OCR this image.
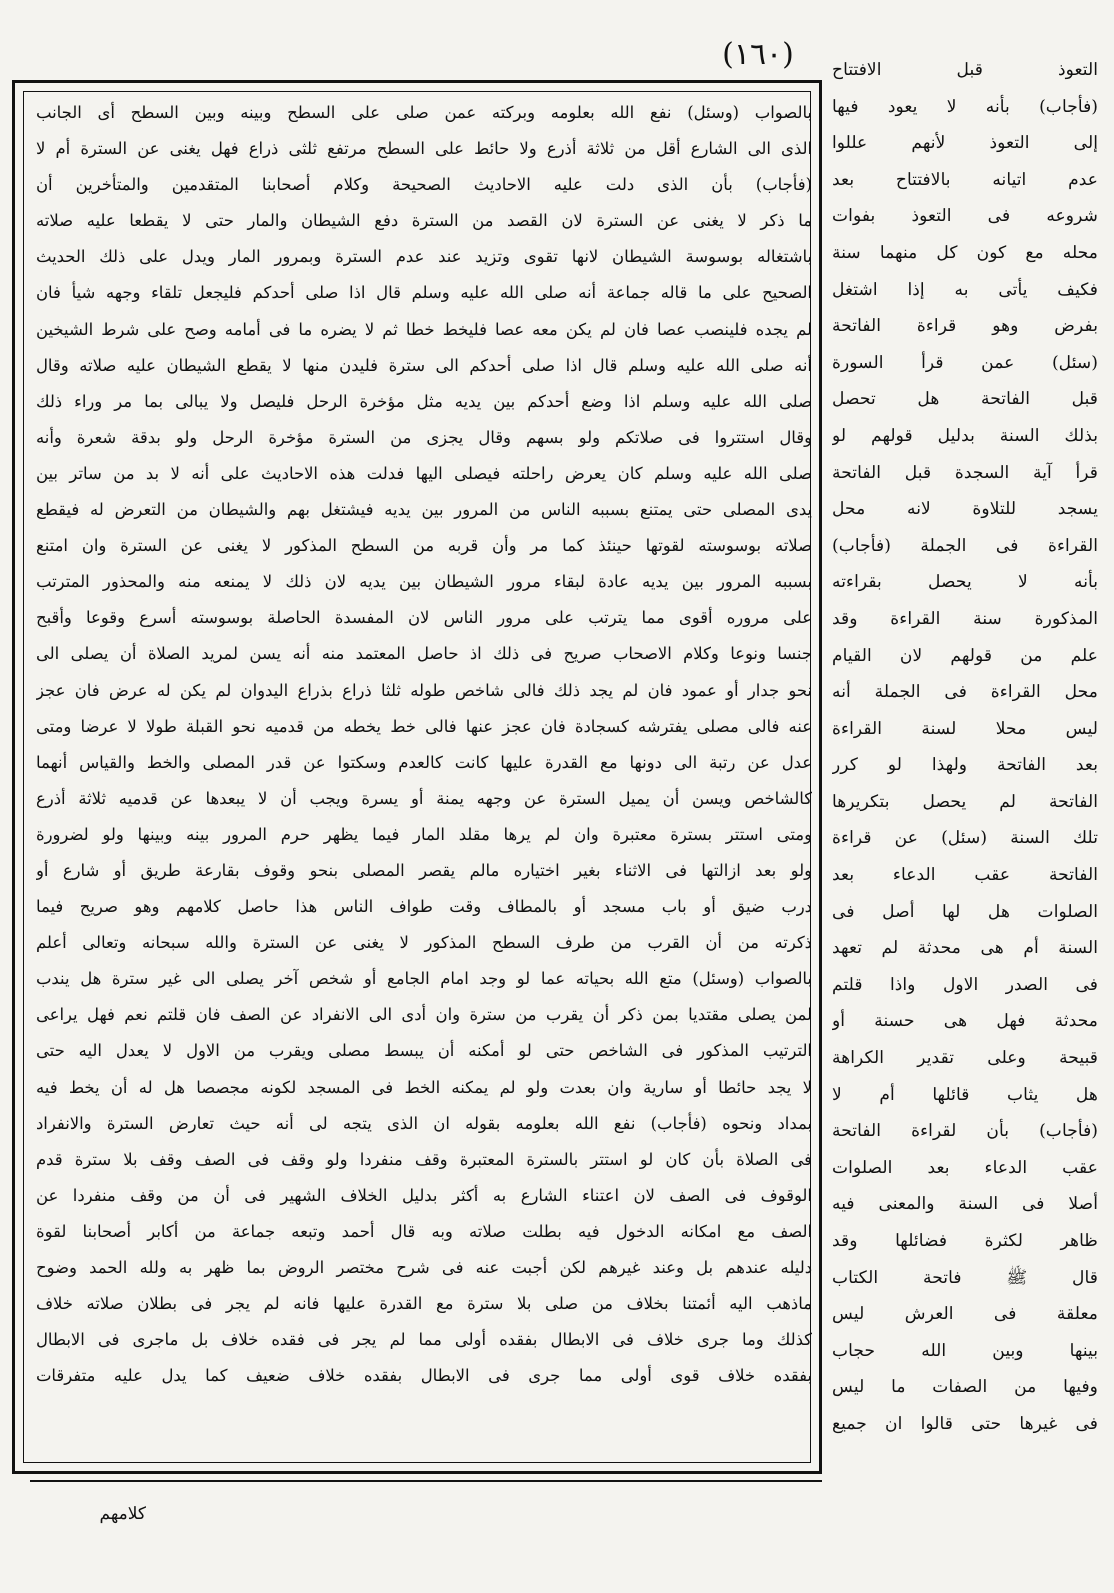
(١٦٠)
بالصواب (وسئل) نفع الله بعلومه وبركته عمن صلى على السطح وبينه وبين السطح أى الجانب
الذى الى الشارع أقل من ثلاثة أذرع ولا حائط على السطح مرتفع ثلثى ذراع فهل يغنى عن السترة أم لا
(فأجاب) بأن الذى دلت عليه الاحاديث الصحيحة وكلام أصحابنا المتقدمين والمتأخرين أن
ما ذكر لا يغنى عن السترة لان القصد من السترة دفع الشيطان والمار حتى لا يقطعا عليه صلاته
باشتغاله بوسوسة الشيطان لانها تقوى وتزيد عند عدم السترة وبمرور المار ويدل على ذلك الحديث
الصحيح على ما قاله جماعة أنه صلى الله عليه وسلم قال اذا صلى أحدكم فليجعل تلقاء وجهه شيأ فان
لم يجده فلينصب عصا فان لم يكن معه عصا فليخط خطا ثم لا يضره ما فى أمامه وصح على شرط الشيخين
أنه صلى الله عليه وسلم قال اذا صلى أحدكم الى سترة فليدن منها لا يقطع الشيطان عليه صلاته وقال
صلى الله عليه وسلم اذا وضع أحدكم بين يديه مثل مؤخرة الرحل فليصل ولا يبالى بما مر وراء ذلك
وقال استتروا فى صلاتكم ولو بسهم وقال يجزى من السترة مؤخرة الرحل ولو بدقة شعرة وأنه
صلى الله عليه وسلم كان يعرض راحلته فيصلى اليها فدلت هذه الاحاديث على أنه لا بد من ساتر بين
يدى المصلى حتى يمتنع بسببه الناس من المرور بين يديه فيشتغل بهم والشيطان من التعرض له فيقطع
صلاته بوسوسته لقوتها حينئذ كما مر وأن قربه من السطح المذكور لا يغنى عن السترة وان امتنع
بسببه المرور بين يديه عادة لبقاء مرور الشيطان بين يديه لان ذلك لا يمنعه منه والمحذور المترتب
على مروره أقوى مما يترتب على مرور الناس لان المفسدة الحاصلة بوسوسته أسرع وقوعا وأقبح
جنسا ونوعا وكلام الاصحاب صريح فى ذلك اذ حاصل المعتمد منه أنه يسن لمريد الصلاة أن يصلى الى
نحو جدار أو عمود فان لم يجد ذلك فالى شاخص طوله ثلثا ذراع بذراع اليدوان لم يكن له عرض فان عجز
عنه فالى مصلى يفترشه كسجادة فان عجز عنها فالى خط يخطه من قدميه نحو القبلة طولا لا عرضا ومتى
عدل عن رتبة الى دونها مع القدرة عليها كانت كالعدم وسكتوا عن قدر المصلى والخط والقياس أنهما
كالشاخص ويسن أن يميل السترة عن وجهه يمنة أو يسرة ويجب أن لا يبعدها عن قدميه ثلاثة أذرع
ومتى استتر بسترة معتبرة وان لم يرها مقلد المار فيما يظهر حرم المرور بينه وبينها ولو لضرورة
ولو بعد ازالتها فى الاثناء بغير اختياره مالم يقصر المصلى بنحو وقوف بقارعة طريق أو شارع أو
درب ضيق أو باب مسجد أو بالمطاف وقت طواف الناس هذا حاصل كلامهم وهو صريح فيما
ذكرته من أن القرب من طرف السطح المذكور لا يغنى عن السترة والله سبحانه وتعالى أعلم
بالصواب (وسئل) متع الله بحياته عما لو وجد امام الجامع أو شخص آخر يصلى الى غير سترة هل يندب
لمن يصلى مقتديا بمن ذكر أن يقرب من سترة وان أدى الى الانفراد عن الصف فان قلتم نعم فهل يراعى
الترتيب المذكور فى الشاخص حتى لو أمكنه أن يبسط مصلى ويقرب من الاول لا يعدل اليه حتى
لا يجد حائطا أو سارية وان بعدت ولو لم يمكنه الخط فى المسجد لكونه مجصصا هل له أن يخط فيه
بمداد ونحوه (فأجاب) نفع الله بعلومه بقوله ان الذى يتجه لى أنه حيث تعارض السترة والانفراد
فى الصلاة بأن كان لو استتر بالسترة المعتبرة وقف منفردا ولو وقف فى الصف وقف بلا سترة قدم
الوقوف فى الصف لان اعتناء الشارع به أكثر بدليل الخلاف الشهير فى أن من وقف منفردا عن
الصف مع امكانه الدخول فيه بطلت صلاته وبه قال أحمد وتبعه جماعة من أكابر أصحابنا لقوة
دليله عندهم بل وعند غيرهم لكن أجبت عنه فى شرح مختصر الروض بما ظهر به ولله الحمد وضوح
ماذهب اليه أئمتنا بخلاف من صلى بلا سترة مع القدرة عليها فانه لم يجر فى بطلان صلاته خلاف
كذلك وما جرى خلاف فى الابطال بفقده أولى مما لم يجر فى فقده خلاف بل ماجرى فى الابطال
بفقده خلاف قوى أولى مما جرى فى الابطال بفقده خلاف ضعيف كما يدل عليه متفرقات
التعوذ قبل الافتتاح
(فأجاب) بأنه لا يعود فيها
إلى التعوذ لأنهم عللوا
عدم اتيانه بالافتتاح بعد
شروعه فى التعوذ بفوات
محله مع كون كل منهما سنة
فكيف يأتى به إذا اشتغل
بفرض وهو قراءة الفاتحة
(سئل) عمن قرأ السورة
قبل الفاتحة هل تحصل
بذلك السنة بدليل قولهم لو
قرأ آية السجدة قبل الفاتحة
يسجد للتلاوة لانه محل
القراءة فى الجملة (فأجاب)
بأنه لا يحصل بقراءته
المذكورة سنة القراءة وقد
علم من قولهم لان القيام
محل القراءة فى الجملة أنه
ليس محلا لسنة القراءة
بعد الفاتحة ولهذا لو كرر
الفاتحة لم يحصل بتكريرها
تلك السنة (سئل) عن قراءة
الفاتحة عقب الدعاء بعد
الصلوات هل لها أصل فى
السنة أم هى محدثة لم تعهد
فى الصدر الاول واذا قلتم
محدثة فهل هى حسنة أو
قبيحة وعلى تقدير الكراهة
هل يثاب قائلها أم لا
(فأجاب) بأن لقراءة الفاتحة
عقب الدعاء بعد الصلوات
أصلا فى السنة والمعنى فيه
ظاهر لكثرة فضائلها وقد
قال ﷺ فاتحة الكتاب
معلقة فى العرش ليس
بينها وبين الله حجاب
وفيها من الصفات ما ليس
فى غيرها حتى قالوا ان جميع
كلامهم
